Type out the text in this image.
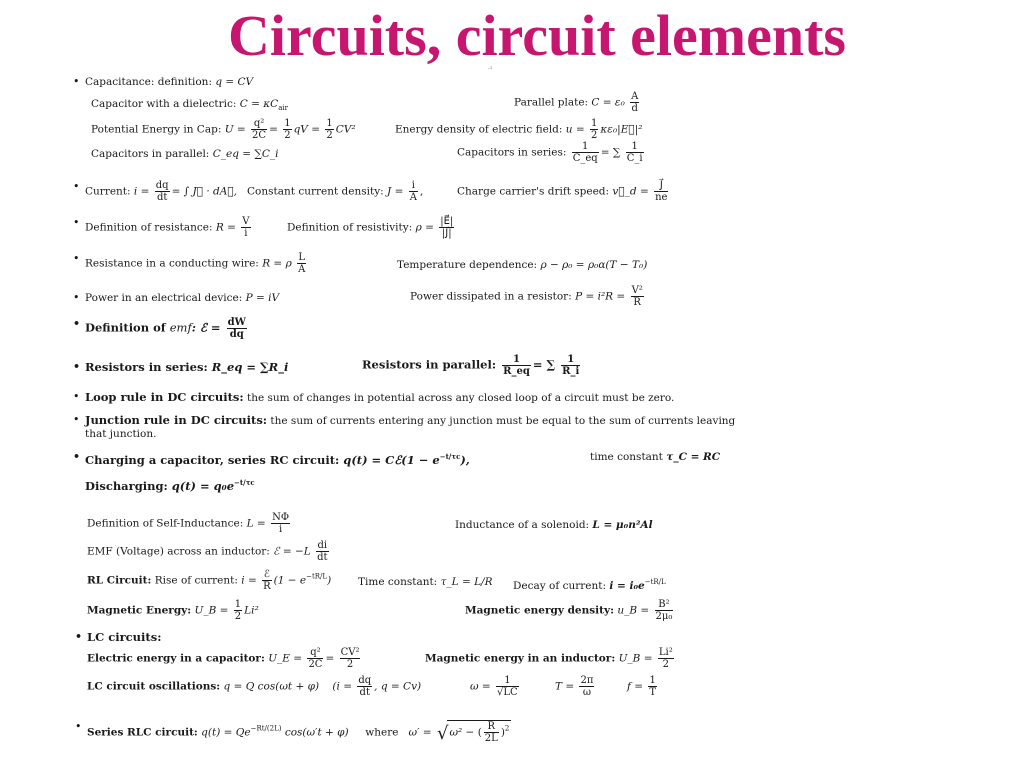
Circuits, circuit elements
·¹
• Capacitance: definition: q = CV
Capacitor with a dielectric: $C = \kappa C_{air}$	Parallel plate: $C = \varepsilon_0 \frac{A}{d}$
Potential Energy in Cap: $U = \frac{\text{q²}}{2C} = \frac{1}{2}$ qV = $\frac{1}{2} CV^2$	Energy density of electric field: $u = \frac{1}{2}$ κε₀|E⃗|²
Capacitors in parallel: C_eq = ∑C_i	Capacitors in series: $\frac{1}{C\_eq}$ = ∑ $\frac{1}{C\_i}$
• Current: $i = \frac{dq}{dt}$ = ∫ J⃗ · dA⃗, Constant current density: $J = \frac{i}{A}$ ,	Charge carrier's drift speed: v⃗_d = $\frac{J⃗}{ne}$
• Definition of resistance: $R = \frac{V}{i}$	Definition of resistivity: $\rho = \frac{|E⃗|}{|J⃗|}$
• Resistance in a conducting wire: R = ρ $\frac{L}{A}$	Temperature dependence: ρ − ρ₀ = ρ₀α(T − T₀)
• Power in an electrical device: P = iV	Power dissipated in a resistor: $P = i^2R = \frac{\text{V²}}{R}$
• Definition of emf: ℰ = $\frac{dW}{dq}$
• Resistors in series: R_eq = ∑R_i	Resistors in parallel: $\frac{1}{R\_eq}$ = ∑ $\frac{1}{R\_i}$
• Loop rule in DC circuits: the sum of changes in potential across any closed loop of a circuit must be zero.
• Junction rule in DC circuits: the sum of currents entering any junction must be equal to the sum of currents leaving
that junction.
• Charging a capacitor, series RC circuit: q(t) = Cℰ(1 − $e^{-t/\tau c}$),	time constant τ_C = RC
Discharging: $q(t) = q_0e^{-t/\tau c}$
Definition of Self-Inductance: $L = \frac{N\Phi}{i}$	Inductance of a solenoid: L = μ₀n²Al
EMF (Voltage) across an inductor: ℰ = $-L \frac{di}{dt}$
RL Circuit: Rise of current: $i = \frac{\text{ℰ}}{R} (1 - e^{-tR/L})$	Time constant: τ_L = L/R Decay of current: $i = i_0e^{-tR/L}$
Magnetic Energy: U_B = $\frac{1}{2} Li^2$	Magnetic energy density: u_B = $\frac{\text{B²}}{\text{2μ₀}}$
• LC circuits:
Electric energy in a capacitor: U_E = $\frac{\text{q²}}{2C} = \frac{\text{CV²}}{2}$	Magnetic energy in an inductor: U_B = $\frac{\text{Li²}}{2}$
LC circuit oscillations: q = Q cos(ωt + φ) ($i = \frac{dq}{dt}$ , q = Cv)	$\omega = \frac{1}{√LC}$	$T = \frac{2\pi}{\omega}$	$f = \frac{1}{T}$
• Series RLC circuit: $q(t) = Qe^{-Rt/(2L)}$ cos(ω′t + φ) where ω′ = √ω² − ( $\frac{R}{2L} )^2$
